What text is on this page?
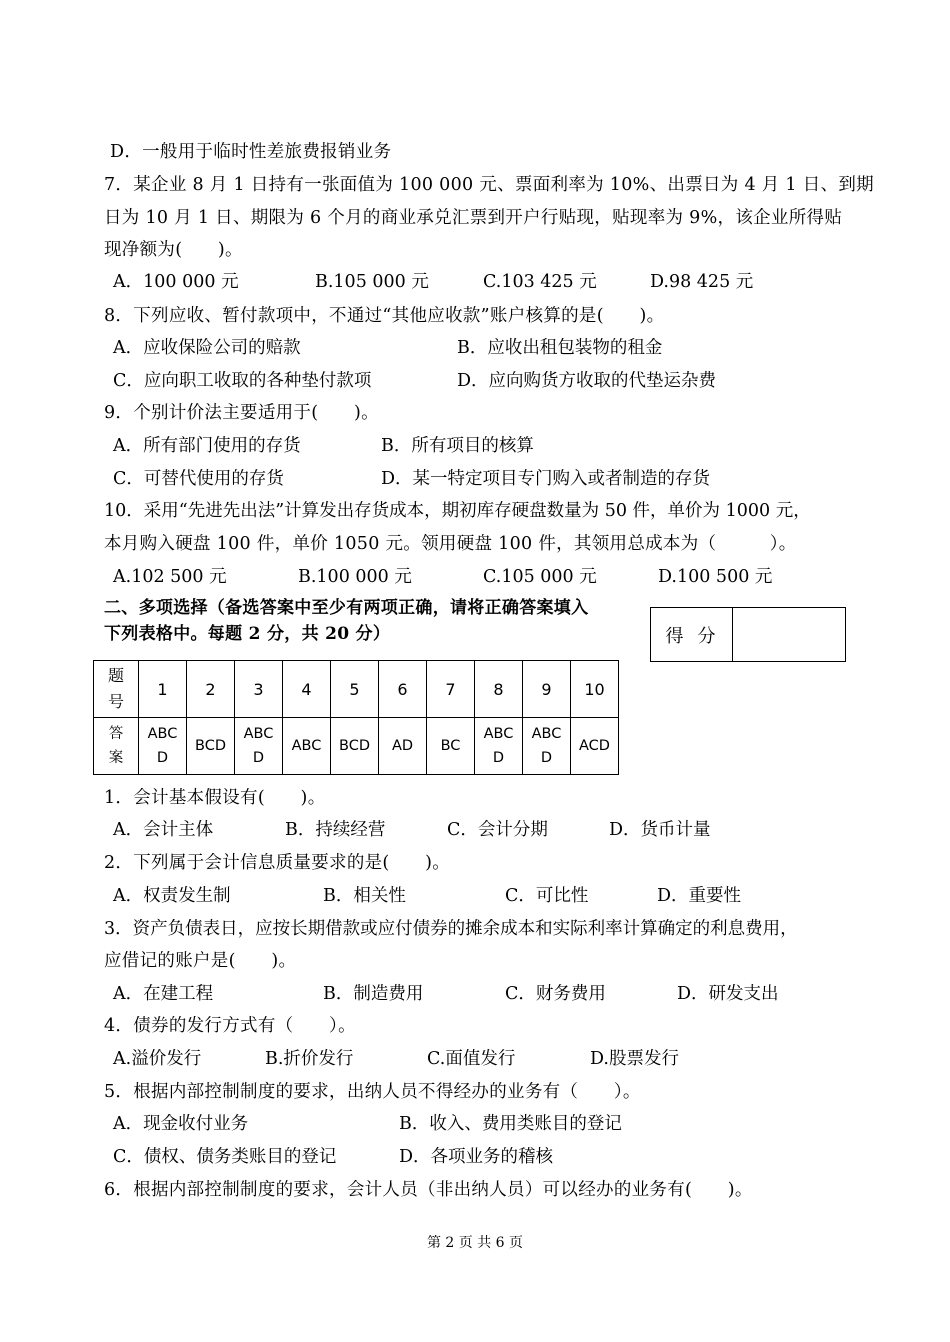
D．一般用于临时性差旅费报销业务
7．某企业 8 月 1 日持有一张面值为 100 000 元、票面利率为 10%、出票日为 4 月 1 日、到期
日为 10 月 1 日、期限为 6 个月的商业承兑汇票到开户行贴现，贴现率为 9%，该企业所得贴
现净额为(　　)。
A．100 000 元	B.105 000 元	C.103 425 元	D.98 425 元
8．下列应收、暂付款项中，不通过“其他应收款”账户核算的是(　　)。
A．应收保险公司的赔款	B．应收出租包装物的租金
C．应向职工收取的各种垫付款项	D．应向购货方收取的代垫运杂费
9．个别计价法主要适用于(　　)。
A．所有部门使用的存货	B．所有项目的核算
C．可替代使用的存货	D．某一特定项目专门购入或者制造的存货
10．采用“先进先出法”计算发出存货成本，期初库存硬盘数量为 50 件，单价为 1000 元，
本月购入硬盘 100 件，单价 1050 元。领用硬盘 100 件，其领用总成本为（　　　）。
A.102 500 元	B.100 000 元	C.105 000 元	D.100 500 元
二、多项选择（备选答案中至少有两项正确，请将正确答案填入
下列表格中。每题 2 分，共 20 分）	得分
题号	1	2	3	4	5	6	7	8	9	10
答案	ABCD	BCD	ABCD	ABC	BCD	AD	BC	ABCD	ABCD	ACD
1．会计基本假设有(　　)。
A．会计主体	B．持续经营	C．会计分期	D．货币计量
2．下列属于会计信息质量要求的是(　　)。
A．权责发生制	B．相关性	C．可比性	D．重要性
3．资产负债表日，应按长期借款或应付债券的摊余成本和实际利率计算确定的利息费用，
应借记的账户是(　　)。
A．在建工程	B．制造费用	C．财务费用	D．研发支出
4．债券的发行方式有（　　）。
A.溢价发行	B.折价发行	C.面值发行	D.股票发行
5．根据内部控制制度的要求，出纳人员不得经办的业务有（　　）。
A．现金收付业务	B．收入、费用类账目的登记
C．债权、债务类账目的登记	D．各项业务的稽核
6．根据内部控制制度的要求，会计人员（非出纳人员）可以经办的业务有(　　)。
第 2 页 共 6 页
